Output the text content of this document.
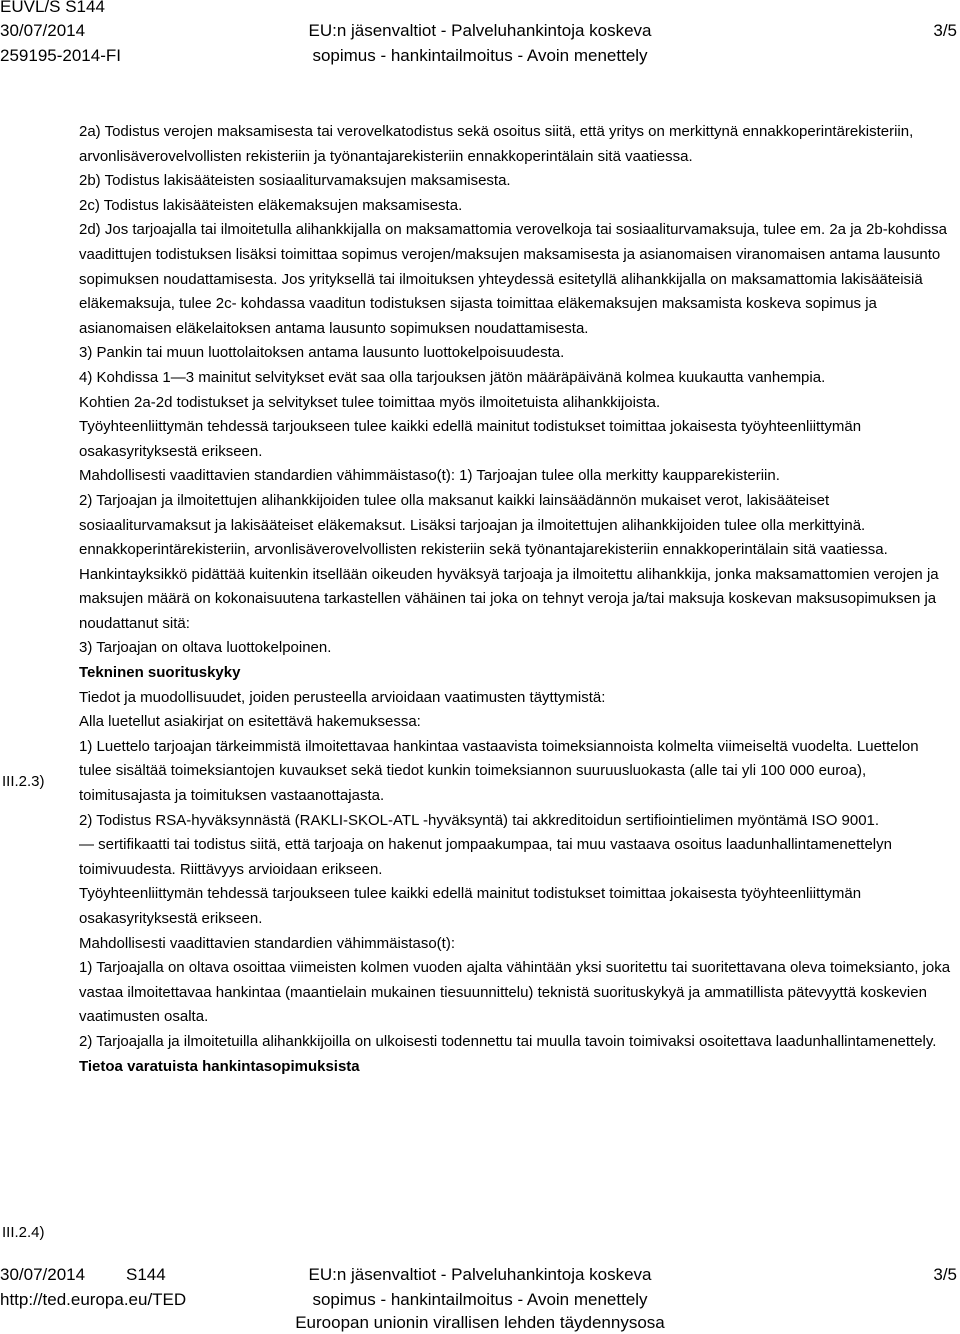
EUVL/S S144
30/07/2014
259195-2014-FI
EU:n jäsenvaltiot - Palveluhankintoja koskeva
sopimus - hankintailmoitus - Avoin menettely
3/5
III.2.3)
III.2.4)

2a) Todistus verojen maksamisesta tai verovelkatodistus sekä osoitus siitä, että yritys on merkittynä ennakkoperintärekisteriin, arvonlisäverovelvollisten rekisteriin ja työnantajarekisteriin ennakkoperintälain sitä vaatiessa.

2b) Todistus lakisääteisten sosiaaliturvamaksujen maksamisesta.

2c) Todistus lakisääteisten eläkemaksujen maksamisesta.

2d) Jos tarjoajalla tai ilmoitetulla alihankkijalla on maksamattomia verovelkoja tai sosiaaliturvamaksuja, tulee em. 2a ja 2b-kohdissa vaadittujen todistuksen lisäksi toimittaa sopimus verojen/maksujen maksamisesta ja asianomaisen viranomaisen antama lausunto sopimuksen noudattamisesta. Jos yrityksellä tai ilmoituksen yhteydessä esitetyllä alihankkijalla on maksamattomia lakisääteisiä eläkemaksuja, tulee 2c- kohdassa vaaditun todistuksen sijasta toimittaa eläkemaksujen maksamista koskeva sopimus ja asianomaisen eläkelaitoksen antama lausunto sopimuksen noudattamisesta.

3) Pankin tai muun luottolaitoksen antama lausunto luottokelpoisuudesta.

4) Kohdissa 1—3 mainitut selvitykset evät saa olla tarjouksen jätön määräpäivänä kolmea kuukautta vanhempia.

Kohtien 2a-2d todistukset ja selvitykset tulee toimittaa myös ilmoitetuista alihankkijoista.

Työyhteenliittymän tehdessä tarjoukseen tulee kaikki edellä mainitut todistukset toimittaa jokaisesta työyhteenliittymän osakasyrityksestä erikseen.

Mahdollisesti vaadittavien standardien vähimmäistaso(t): 1) Tarjoajan tulee olla merkitty kaupparekisteriin.

2) Tarjoajan ja ilmoitettujen alihankkijoiden tulee olla maksanut kaikki lainsäädännön mukaiset verot, lakisääteiset sosiaaliturvamaksut ja lakisääteiset eläkemaksut. Lisäksi tarjoajan ja ilmoitettujen alihankkijoiden tulee olla merkittyinä.

ennakkoperintärekisteriin, arvonlisäverovelvollisten rekisteriin sekä työnantajarekisteriin ennakkoperintälain sitä vaatiessa. Hankintayksikkö pidättää kuitenkin itsellään oikeuden hyväksyä tarjoaja ja ilmoitettu alihankkija, jonka maksamattomien verojen ja maksujen määrä on kokonaisuutena tarkastellen vähäinen tai joka on tehnyt veroja ja/tai maksuja koskevan maksusopimuksen ja noudattanut sitä:

3) Tarjoajan on oltava luottokelpoinen.

Tekninen suorituskyky

Tiedot ja muodollisuudet, joiden perusteella arvioidaan vaatimusten täyttymistä:

Alla luetellut asiakirjat on esitettävä hakemuksessa:

1) Luettelo tarjoajan tärkeimmistä ilmoitettavaa hankintaa vastaavista toimeksiannoista kolmelta viimeiseltä vuodelta. Luettelon tulee sisältää toimeksiantojen kuvaukset sekä tiedot kunkin toimeksiannon suuruusluokasta (alle tai yli 100 000 euroa), toimitusajasta ja toimituksen vastaanottajasta.

2) Todistus RSA-hyväksynnästä (RAKLI-SKOL-ATL -hyväksyntä) tai akkreditoidun sertifiointielimen myöntämä ISO 9001.

— sertifikaatti tai todistus siitä, että tarjoaja on hakenut jompaakumpaa, tai muu vastaava osoitus laadunhallintamenettelyn toimivuudesta. Riittävyys arvioidaan erikseen.

Työyhteenliittymän tehdessä tarjoukseen tulee kaikki edellä mainitut todistukset toimittaa jokaisesta työyhteenliittymän osakasyrityksestä erikseen.

Mahdollisesti vaadittavien standardien vähimmäistaso(t):

1) Tarjoajalla on oltava osoittaa viimeisten kolmen vuoden ajalta vähintään yksi suoritettu tai suoritettavana oleva toimeksianto, joka vastaa ilmoitettavaa hankintaa (maantielain mukainen tiesuunnittelu) teknistä suorituskykyä ja ammatillista pätevyyttä koskevien vaatimusten osalta.

2) Tarjoajalla ja ilmoitetuilla alihankkijoilla on ulkoisesti todennettu tai muulla tavoin toimivaksi osoitettava laadunhallintamenettely.

Tietoa varatuista hankintasopimuksista

30/07/2014 S144
http://ted.europa.eu/TED
EU:n jäsenvaltiot - Palveluhankintoja koskeva
sopimus - hankintailmoitus - Avoin menettely
Euroopan unionin virallisen lehden täydennysosa
3/5
